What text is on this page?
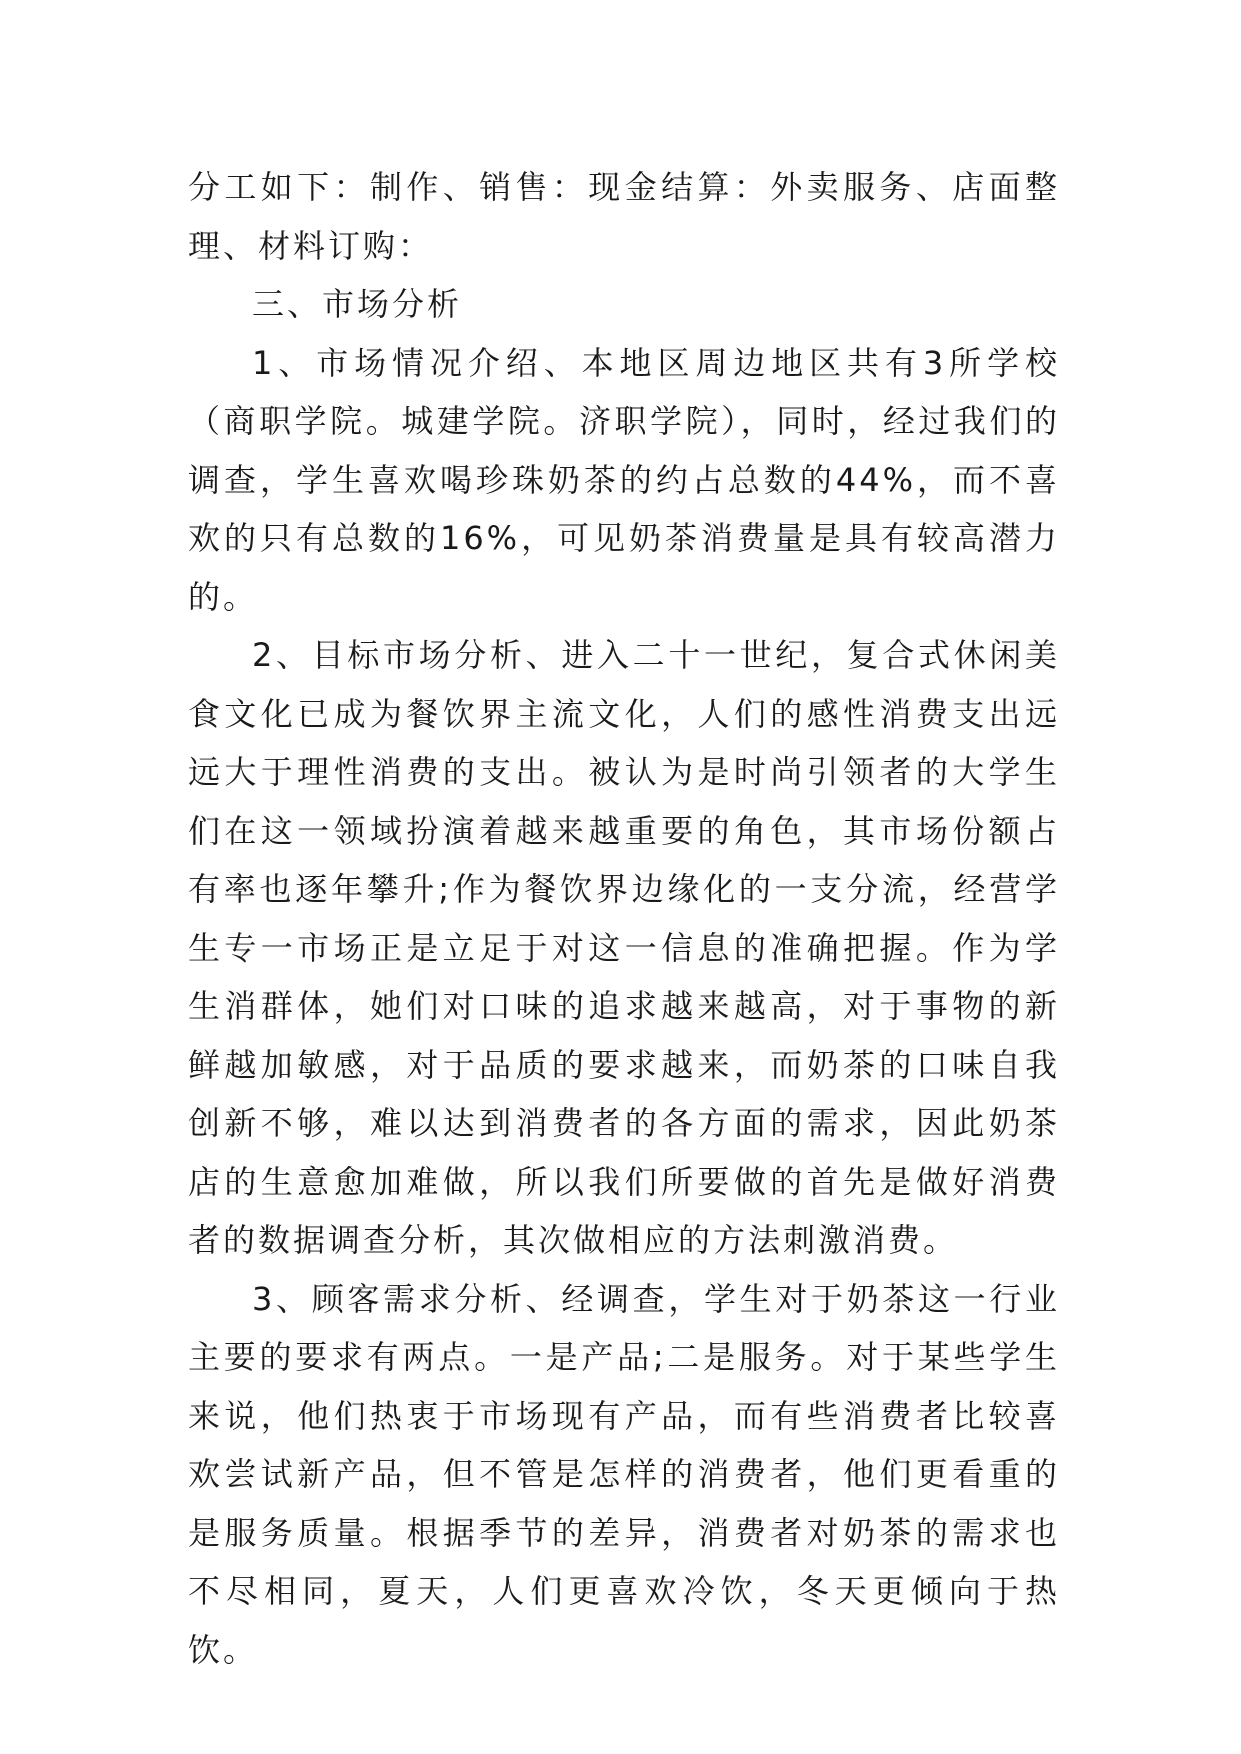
分工如下：制作、销售：现金结算：外卖服务、店面整理、材料订购：

三、市场分析

1、市场情况介绍、本地区周边地区共有3所学校（商职学院。城建学院。济职学院），同时，经过我们的调查，学生喜欢喝珍珠奶茶的约占总数的44%，而不喜欢的只有总数的16%，可见奶茶消费量是具有较高潜力的。

2、目标市场分析、进入二十一世纪，复合式休闲美食文化已成为餐饮界主流文化，人们的感性消费支出远远大于理性消费的支出。被认为是时尚引领者的大学生们在这一领域扮演着越来越重要的角色，其市场份额占有率也逐年攀升;作为餐饮界边缘化的一支分流，经营学生专一市场正是立足于对这一信息的准确把握。作为学生消群体，她们对口味的追求越来越高，对于事物的新鲜越加敏感，对于品质的要求越来，而奶茶的口味自我创新不够，难以达到消费者的各方面的需求，因此奶茶店的生意愈加难做，所以我们所要做的首先是做好消费者的数据调查分析，其次做相应的方法刺激消费。

3、顾客需求分析、经调查，学生对于奶茶这一行业主要的要求有两点。一是产品;二是服务。对于某些学生来说，他们热衷于市场现有产品，而有些消费者比较喜欢尝试新产品，但不管是怎样的消费者，他们更看重的是服务质量。根据季节的差异，消费者对奶茶的需求也不尽相同，夏天，人们更喜欢冷饮，冬天更倾向于热饮。
